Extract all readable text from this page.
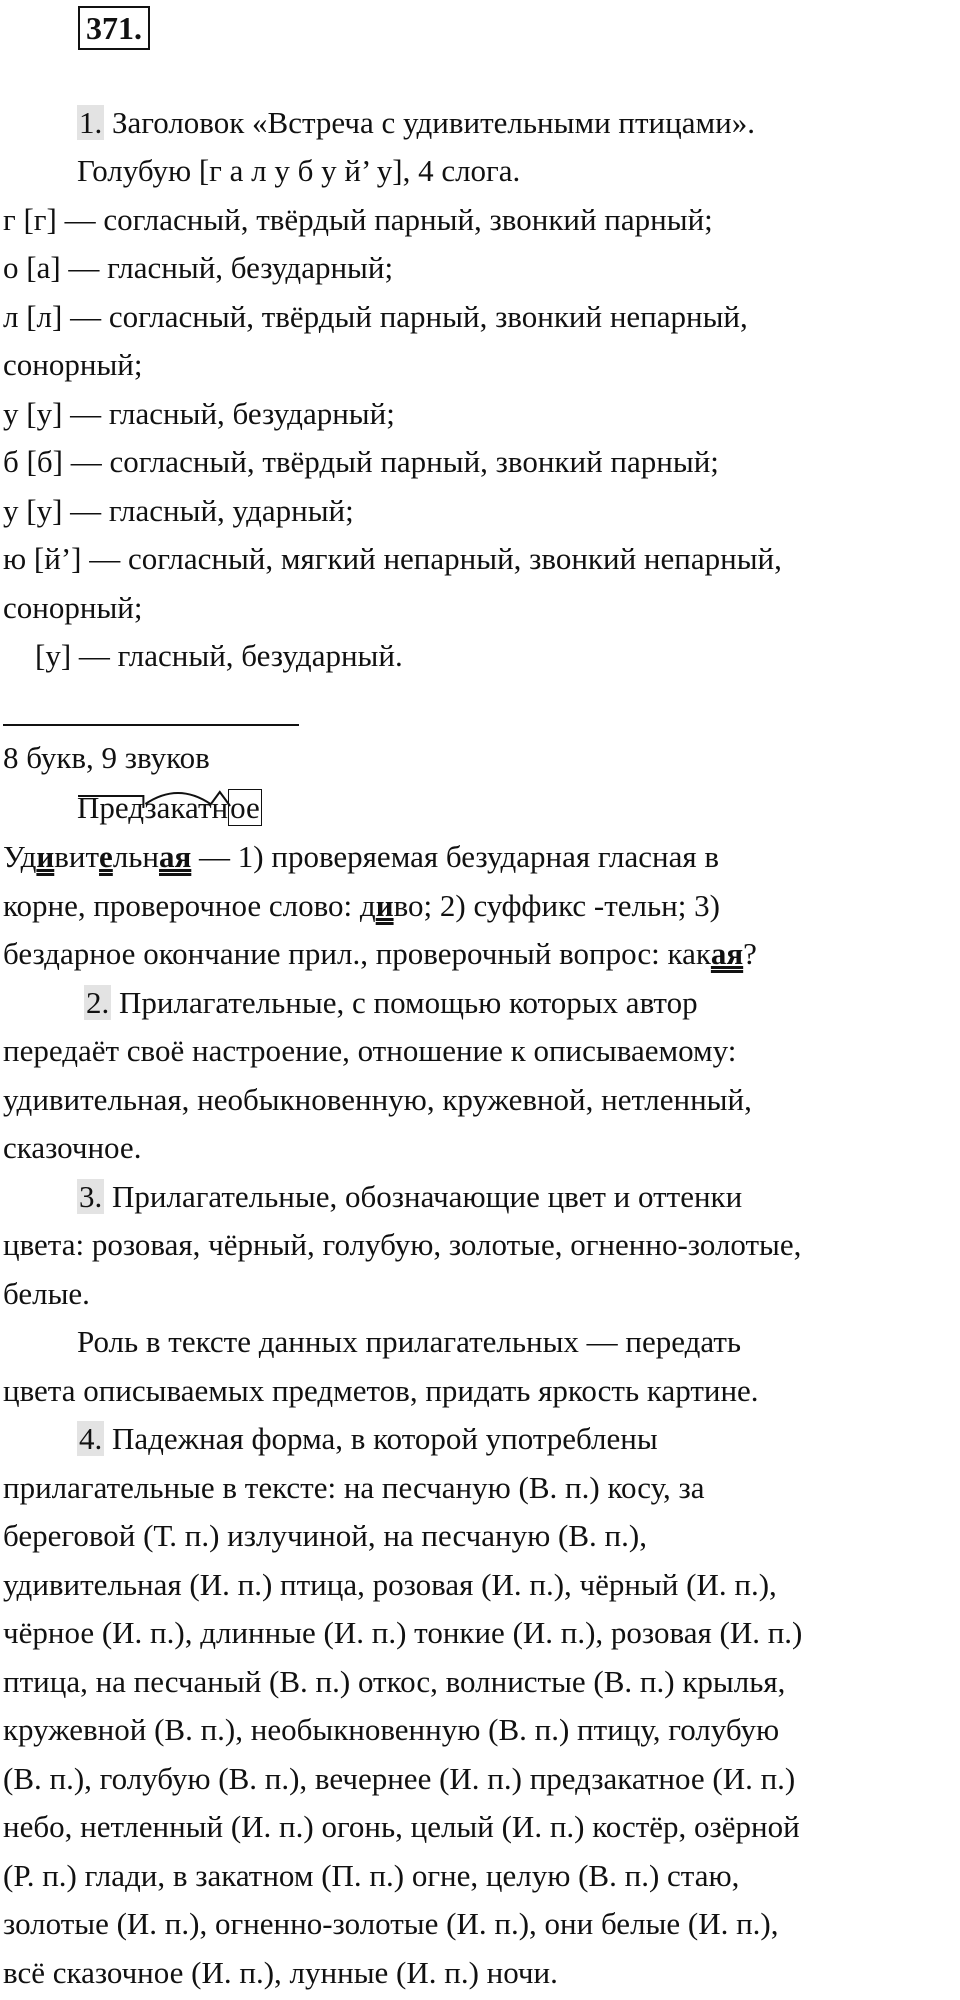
371.
1. Заголовок «Встреча с удивительными птицами».
Голубую [г а л у б у й’ у], 4 слога.
г [г] — согласный, твёрдый парный, звонкий парный;
о [а] — гласный, безударный;
л [л] — согласный, твёрдый парный, звонкий непарный,
сонорный;
у [у] — гласный, безударный;
б [б] — согласный, твёрдый парный, звонкий парный;
у [у] — гласный, ударный;
ю [й’] — согласный, мягкий непарный, звонкий непарный,
сонорный;
[у] — гласный, безударный.
8 букв, 9 звуков
Предзакатное
Удивительная — 1) проверяемая безударная гласная в
корне, проверочное слово: диво; 2) суффикс -тельн; 3)
бездарное окончание прил., проверочный вопрос: какая?
2. Прилагательные, с помощью которых автор
передаёт своё настроение, отношение к описываемому:
удивительная, необыкновенную, кружевной, нетленный,
сказочное.
3. Прилагательные, обозначающие цвет и оттенки
цвета: розовая, чёрный, голубую, золотые, огненно-золотые,
белые.
Роль в тексте данных прилагательных — передать
цвета описываемых предметов, придать яркость картине.
4. Падежная форма, в которой употреблены
прилагательные в тексте: на песчаную (В. п.) косу, за
береговой (Т. п.) излучиной, на песчаную (В. п.),
удивительная (И. п.) птица, розовая (И. п.), чёрный (И. п.),
чёрное (И. п.), длинные (И. п.) тонкие (И. п.), розовая (И. п.)
птица, на песчаный (В. п.) откос, волнистые (В. п.) крылья,
кружевной (В. п.), необыкновенную (В. п.) птицу, голубую
(В. п.), голубую (В. п.), вечернее (И. п.) предзакатное (И. п.)
небо, нетленный (И. п.) огонь, целый (И. п.) костёр, озёрной
(Р. п.) глади, в закатном (П. п.) огне, целую (В. п.) стаю,
золотые (И. п.), огненно-золотые (И. п.), они белые (И. п.),
всё сказочное (И. п.), лунные (И. п.) ночи.
